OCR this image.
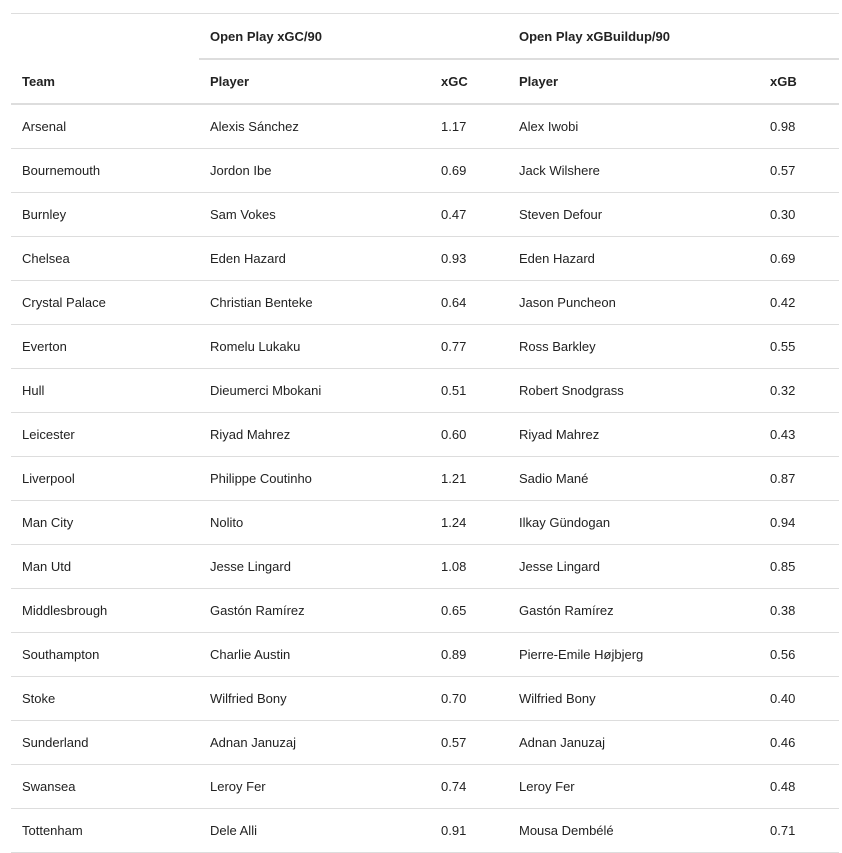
	Open Play xGC/90		Open Play xGBuildup/90	
Team	Player	xGC	Player	xGB
Arsenal	Alexis Sánchez	1.17	Alex Iwobi	0.98
Bournemouth	Jordon Ibe	0.69	Jack Wilshere	0.57
Burnley	Sam Vokes	0.47	Steven Defour	0.30
Chelsea	Eden Hazard	0.93	Eden Hazard	0.69
Crystal Palace	Christian Benteke	0.64	Jason Puncheon	0.42
Everton	Romelu Lukaku	0.77	Ross Barkley	0.55
Hull	Dieumerci Mbokani	0.51	Robert Snodgrass	0.32
Leicester	Riyad Mahrez	0.60	Riyad Mahrez	0.43
Liverpool	Philippe Coutinho	1.21	Sadio Mané	0.87
Man City	Nolito	1.24	Ilkay Gündogan	0.94
Man Utd	Jesse Lingard	1.08	Jesse Lingard	0.85
Middlesbrough	Gastón Ramírez	0.65	Gastón Ramírez	0.38
Southampton	Charlie Austin	0.89	Pierre-Emile Højbjerg	0.56
Stoke	Wilfried Bony	0.70	Wilfried Bony	0.40
Sunderland	Adnan Januzaj	0.57	Adnan Januzaj	0.46
Swansea	Leroy Fer	0.74	Leroy Fer	0.48
Tottenham	Dele Alli	0.91	Mousa Dembélé	0.71
